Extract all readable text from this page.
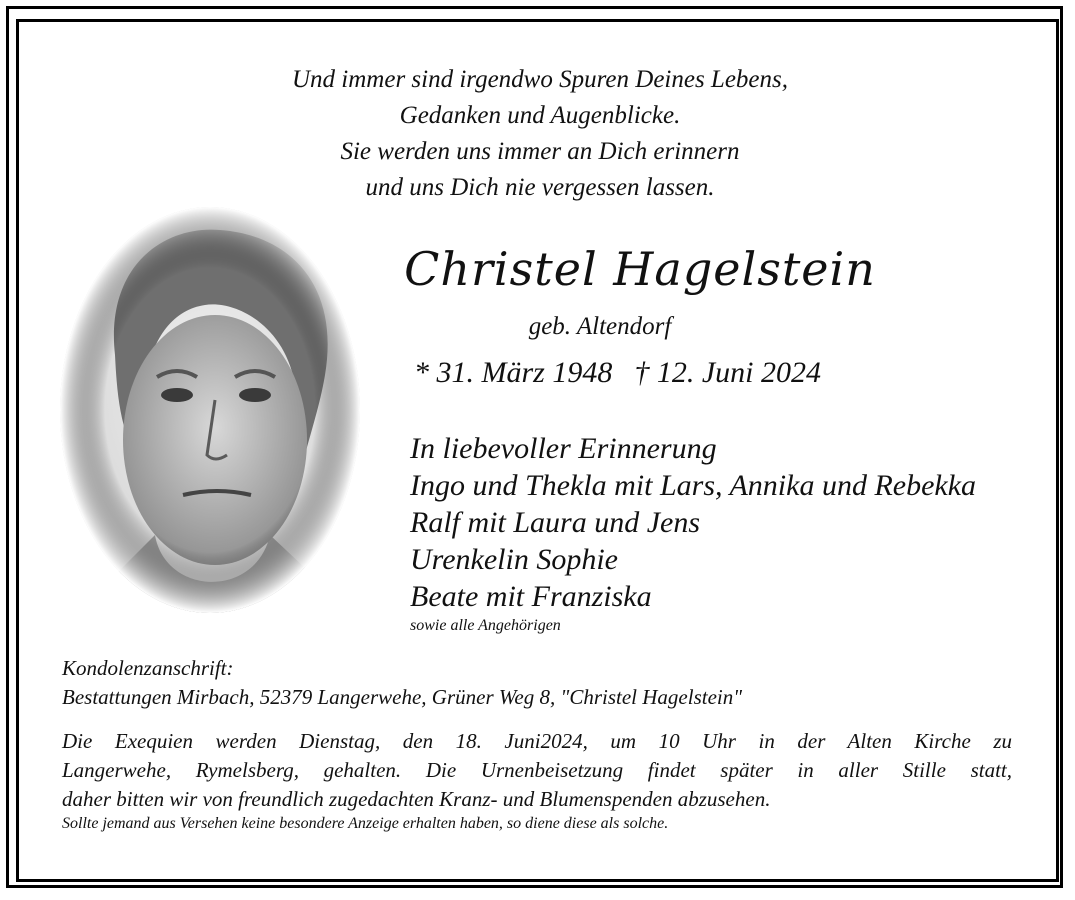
Und immer sind irgendwo Spuren Deines Lebens,
Gedanken und Augenblicke.
Sie werden uns immer an Dich erinnern
und uns Dich nie vergessen lassen.
Christel Hagelstein
geb. Altendorf
* 31. März 1948 † 12. Juni 2024
In liebevoller Erinnerung
Ingo und Thekla mit Lars, Annika und Rebekka
Ralf mit Laura und Jens
Urenkelin Sophie
Beate mit Franziska
sowie alle Angehörigen
Kondolenzanschrift:
Bestattungen Mirbach, 52379 Langerwehe, Grüner Weg 8, "Christel Hagelstein"
Die Exequien werden Dienstag, den 18. Juni2024, um 10 Uhr in der Alten Kirche zu
Langerwehe, Rymelsberg, gehalten. Die Urnenbeisetzung findet später in aller Stille statt,
daher bitten wir von freundlich zugedachten Kranz- und Blumenspenden abzusehen.
Sollte jemand aus Versehen keine besondere Anzeige erhalten haben, so diene diese als solche.
